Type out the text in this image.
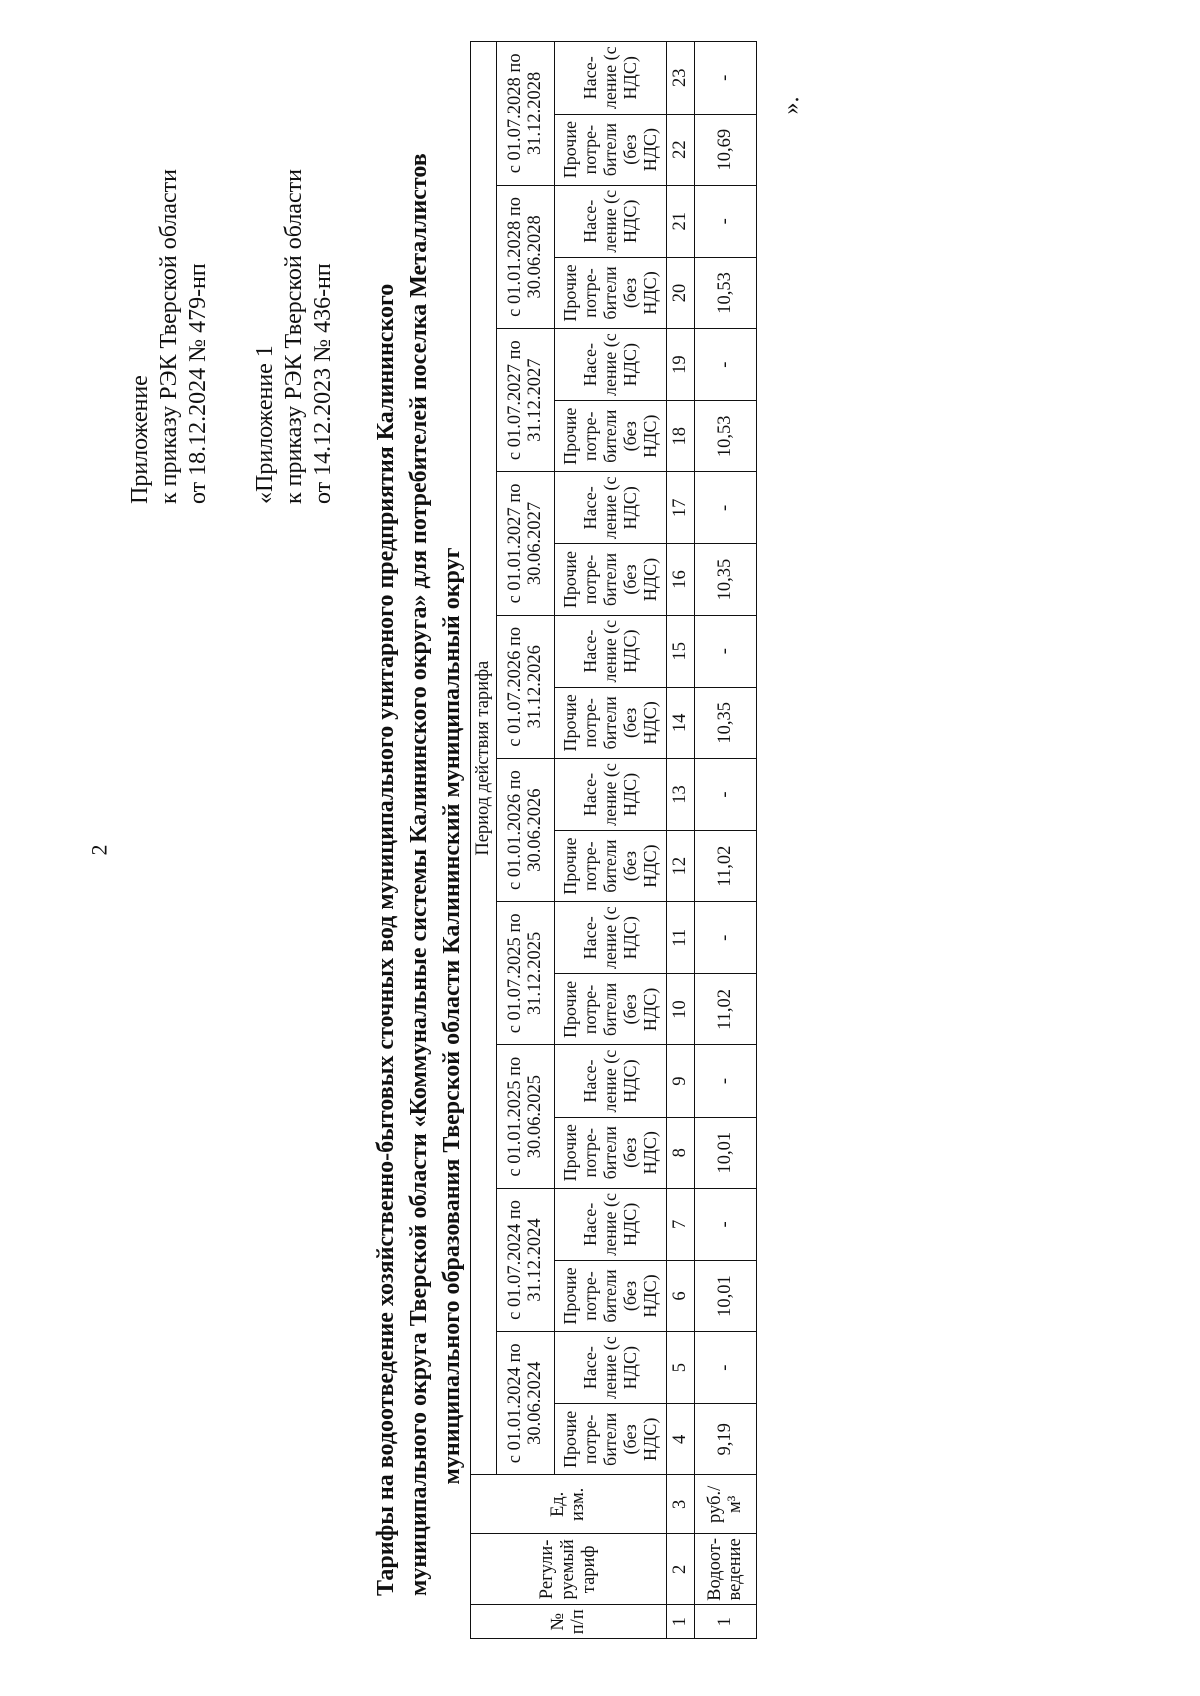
2
Приложение к приказу РЭК Тверской области от 18.12.2024 № 479-нп «Приложение 1 к приказу РЭК Тверской области от 14.12.2023 № 436-нп Тарифы на водоотведение хозяйственно-бытовых сточных вод муниципального унитарного предприятия Калининского муниципального округа Тверской области «Коммунальные системы Калининского округа» для потребителей поселка Металлистов муниципального образования Тверской области Калининский муниципальный округ
№ п/п	Регули- руемый тариф	Ед. изм.	Период действия тарифа																			
			с 01.01.2024 по 30.06.2024		с 01.07.2024 по 31.12.2024		с 01.01.2025 по 30.06.2025		с 01.07.2025 по 31.12.2025		с 01.01.2026 по 30.06.2026		с 01.07.2026 по 31.12.2026		с 01.01.2027 по 30.06.2027		с 01.07.2027 по 31.12.2027		с 01.01.2028 по 30.06.2028		с 01.07.2028 по 31.12.2028	
			Прочие потре- бители (без НДС)	Насе- ление (с НДС)	Прочие потре- бители (без НДС)	Насе- ление (с НДС)	Прочие потре- бители (без НДС)	Насе- ление (с НДС)	Прочие потре- бители (без НДС)	Насе- ление (с НДС)	Прочие потре- бители (без НДС)	Насе- ление (с НДС)	Прочие потре- бители (без НДС)	Насе- ление (с НДС)	Прочие потре- бители (без НДС)	Насе- ление (с НДС)	Прочие потре- бители (без НДС)	Насе- ление (с НДС)	Прочие потре- бители (без НДС)	Насе- ление (с НДС)	Прочие потре- бители (без НДС)	Насе- ление (с НДС)
1	2	3	4	5	6	7	8	9	10	11	12	13	14	15	16	17	18	19	20	21	22	23
1	Водоот- ведение	руб./м³	9,19	-	10,01	-	10,01	-	11,02	-	11,02	-	10,35	-	10,35	-	10,53	-	10,53	-	10,69	-
».
